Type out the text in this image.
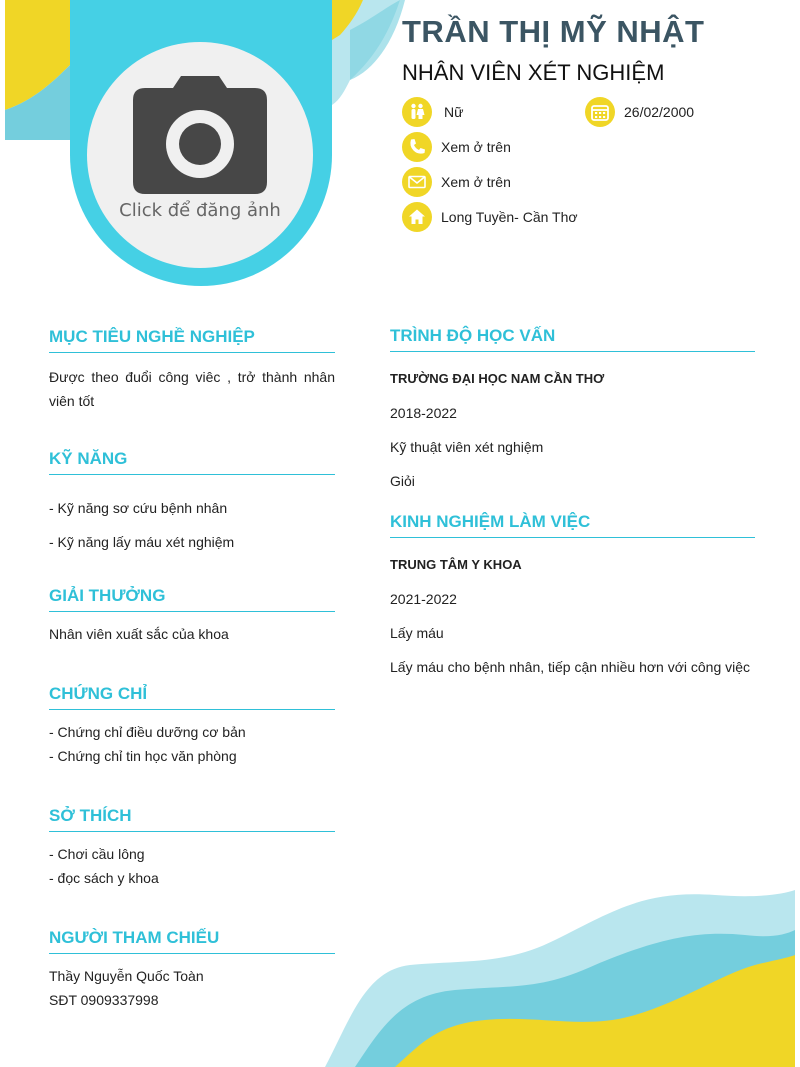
Click để đăng ảnh
TRẦN THỊ MỸ NHẬT
NHÂN VIÊN XÉT NGHIỆM
Nữ	26/02/2000
Xem ở trên
Xem ở trên
Long Tuyền- Cần Thơ
MỤC TIÊU NGHỀ NGHIỆP
Được theo đuổi công viêc , trở thành nhân viên tốt
KỸ NĂNG
- Kỹ năng sơ cứu bệnh nhân
- Kỹ năng lấy máu xét nghiệm
GIẢI THƯỞNG
Nhân viên xuất sắc của khoa
CHỨNG CHỈ
- Chứng chỉ điều dưỡng cơ bản
- Chứng chỉ tin học văn phòng
SỞ THÍCH
- Chơi cầu lông
- đọc sách y khoa
NGƯỜI THAM CHIẾU
Thầy Nguyễn Quốc Toàn
SĐT 0909337998
TRÌNH ĐỘ HỌC VẤN
TRƯỜNG ĐẠI HỌC NAM CẦN THƠ
2018-2022
Kỹ thuật viên xét nghiệm
Giỏi
KINH NGHIỆM LÀM VIỆC
TRUNG TÂM Y KHOA
2021-2022
Lấy máu
Lấy máu cho bệnh nhân, tiếp cận nhiều hơn với công việc
